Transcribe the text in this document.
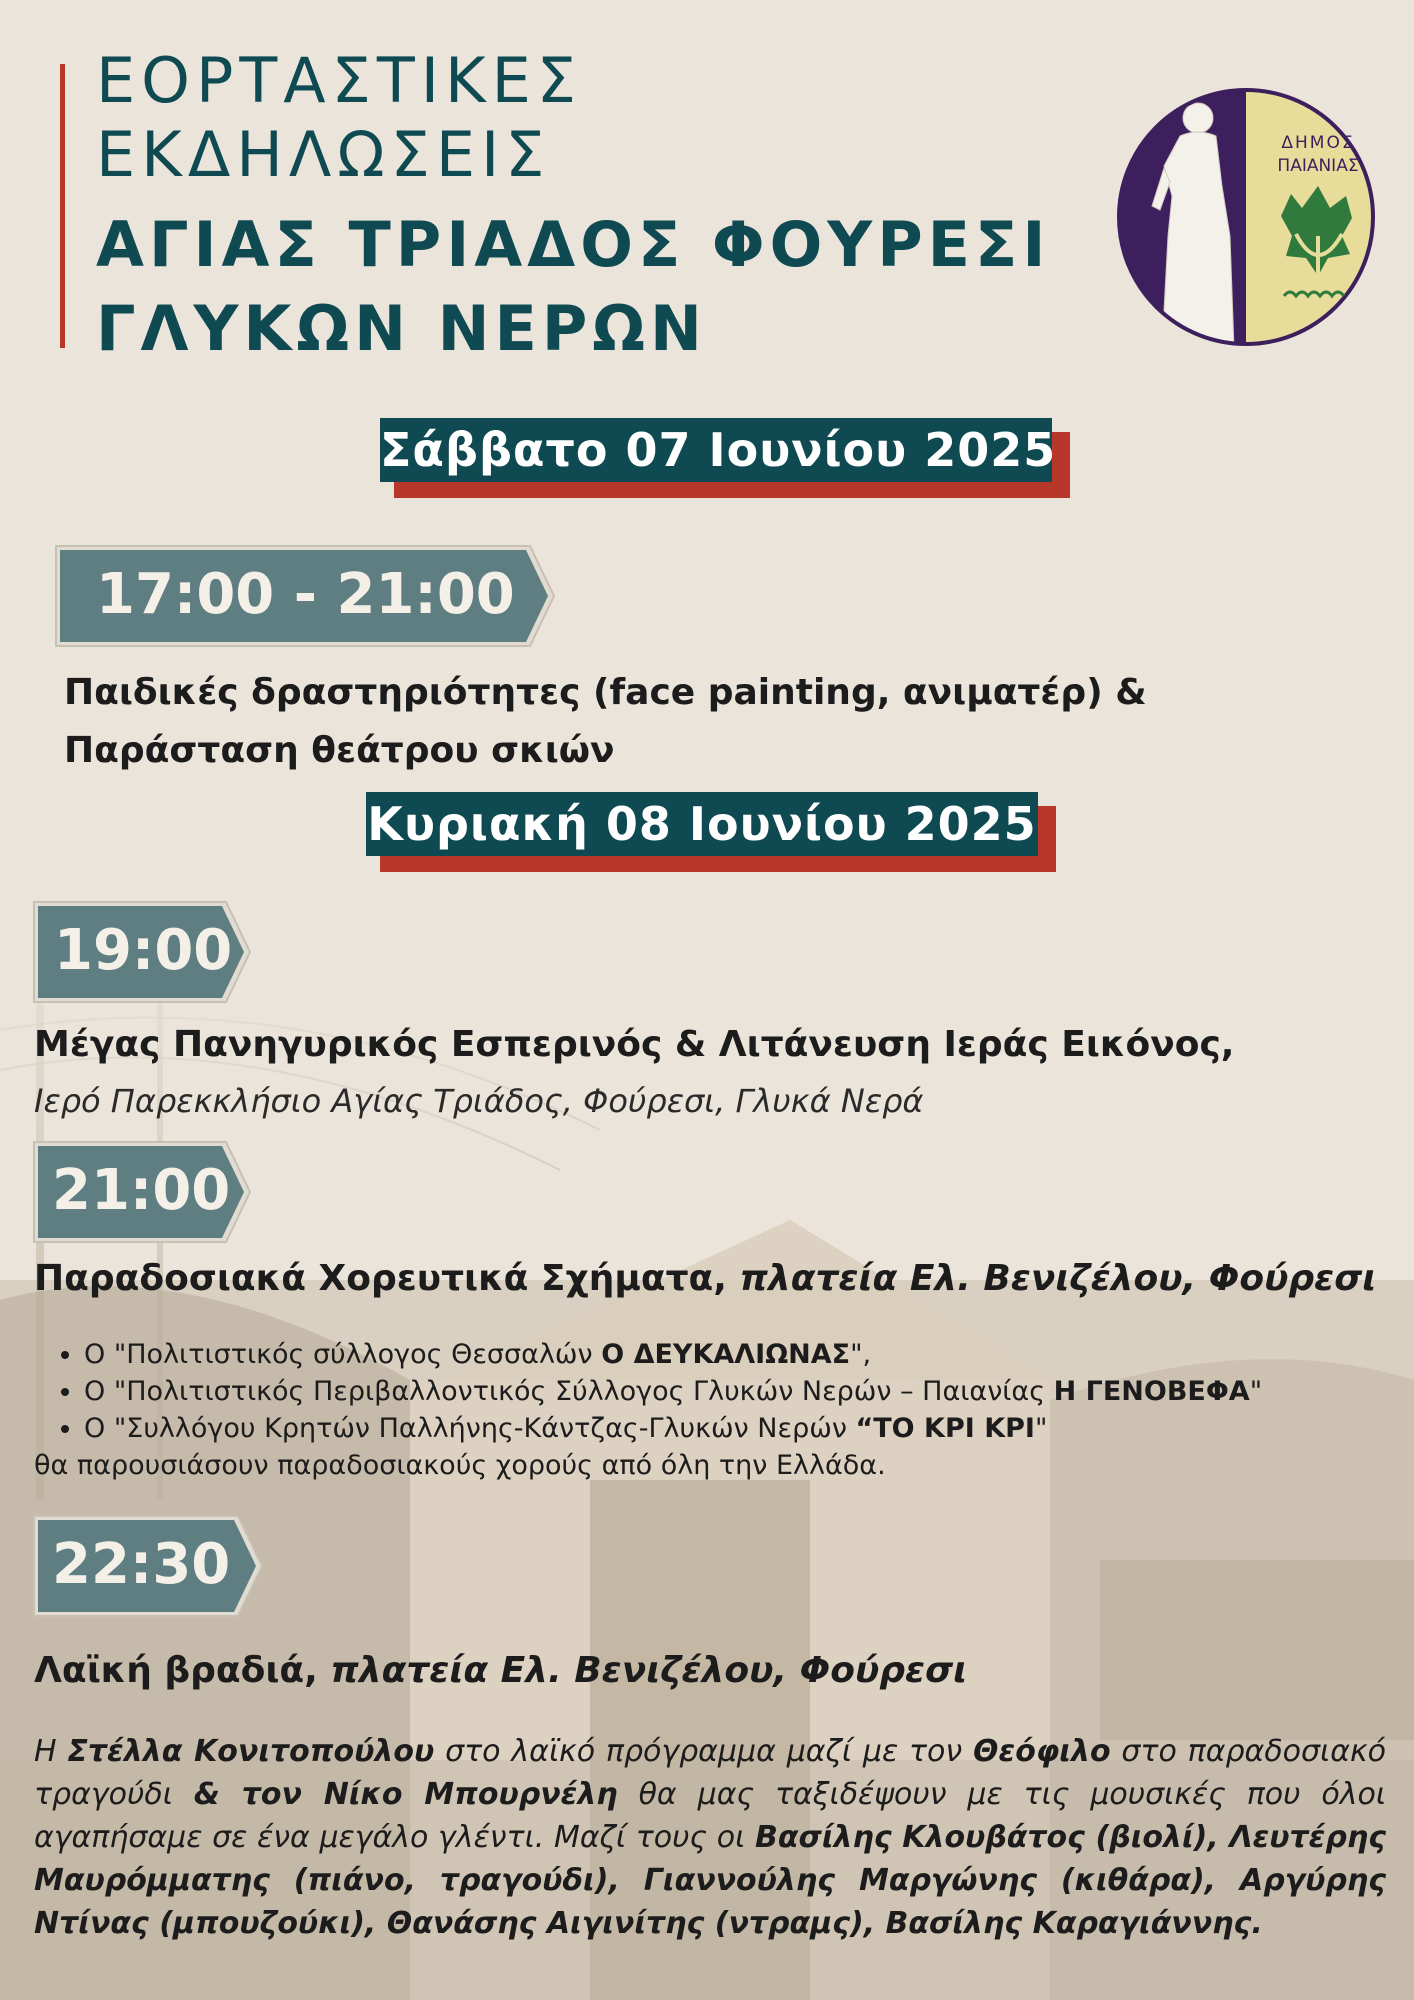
ΕΟΡΤΑΣΤΙΚΕΣ
ΕΚΔΗΛΩΣΕΙΣ
ΑΓΙΑΣ ΤΡΙΑΔΟΣ ΦΟΥΡΕΣΙ
ΓΛΥΚΩΝ ΝΕΡΩΝ
ΔΗΜΟΣ
ΠΑΙΑΝΙΑΣ
Σάββατο 07 Ιουνίου 2025
17:00 - 21:00
Παιδικές δραστηριότητες (face painting, ανιματέρ) & Παράσταση θεάτρου σκιών
Κυριακή 08 Ιουνίου 2025
19:00
Μέγας Πανηγυρικός Εσπερινός & Λιτάνευση Ιεράς Εικόνος,
Ιερό Παρεκκλήσιο Αγίας Τριάδος, Φούρεσι, Γλυκά Νερά
21:00
Παραδοσιακά Χορευτικά Σχήματα, πλατεία Ελ. Βενιζέλου, Φούρεσι
• Ο "Πολιτιστικός σύλλογος Θεσσαλών Ο ΔΕΥΚΑΛΙΩΝΑΣ",
• Ο "Πολιτιστικός Περιβαλλοντικός Σύλλογος Γλυκών Νερών – Παιανίας Η ΓΕΝΟΒΕΦΑ"
• Ο "Συλλόγου Κρητών Παλλήνης-Κάντζας-Γλυκών Νερών “ΤΟ ΚΡΙ ΚΡΙ"
θα παρουσιάσουν παραδοσιακούς χορούς από όλη την Ελλάδα.
22:30
Λαϊκή βραδιά, πλατεία Ελ. Βενιζέλου, Φούρεσι
Η Στέλλα Κονιτοπούλου στο λαϊκό πρόγραμμα μαζί με τον Θεόφιλο στο παραδοσιακό τραγούδι & τον Νίκο Μπουρνέλη θα μας ταξιδέψουν με τις μουσικές που όλοι αγαπήσαμε σε ένα μεγάλο γλέντι. Μαζί τους οι Βασίλης Κλουβάτος (βιολί), Λευτέρης Μαυρόμματης (πιάνο, τραγούδι), Γιαννούλης Μαργώνης (κιθάρα), Αργύρης Ντίνας (μπουζούκι), Θανάσης Αιγινίτης (ντραμς), Βασίλης Καραγιάννης.
